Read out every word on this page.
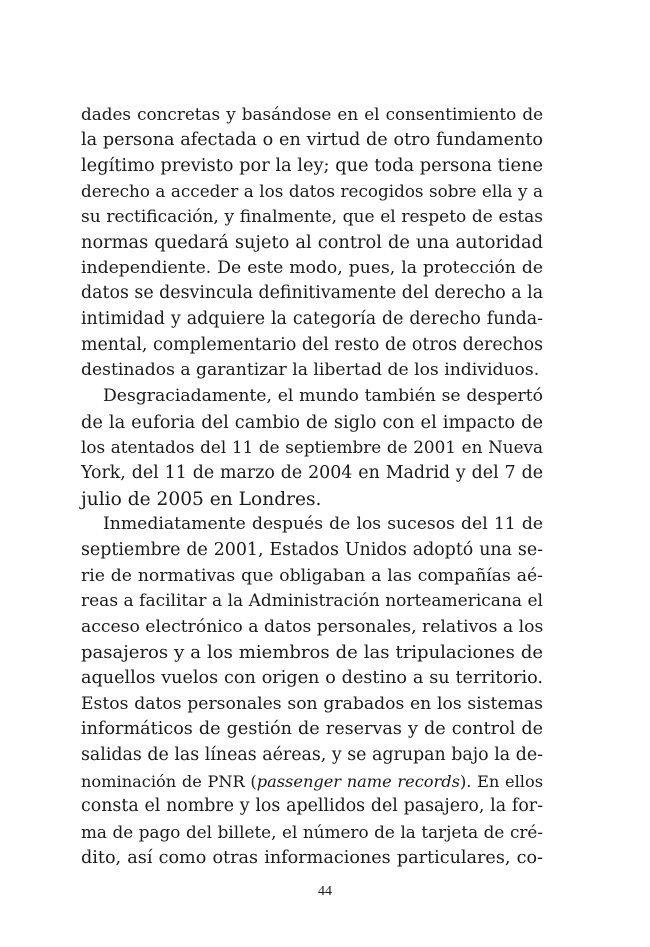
dades concretas y basándose en el consentimiento de
la persona afectada o en virtud de otro fundamento
legítimo previsto por la ley; que toda persona tiene
derecho a acceder a los datos recogidos sobre ella y a
su rectificación, y finalmente, que el respeto de estas
normas quedará sujeto al control de una autoridad
independiente. De este modo, pues, la protección de
datos se desvincula definitivamente del derecho a la
intimidad y adquiere la categoría de derecho funda-
mental, complementario del resto de otros derechos
destinados a garantizar la libertad de los individuos.
Desgraciadamente, el mundo también se despertó
de la euforia del cambio de siglo con el impacto de
los atentados del 11 de septiembre de 2001 en Nueva
York, del 11 de marzo de 2004 en Madrid y del 7 de
julio de 2005 en Londres.
Inmediatamente después de los sucesos del 11 de
septiembre de 2001, Estados Unidos adoptó una se-
rie de normativas que obligaban a las compañías aé-
reas a facilitar a la Administración norteamericana el
acceso electrónico a datos personales, relativos a los
pasajeros y a los miembros de las tripulaciones de
aquellos vuelos con origen o destino a su territorio.
Estos datos personales son grabados en los sistemas
informáticos de gestión de reservas y de control de
salidas de las líneas aéreas, y se agrupan bajo la de-
nominación de PNR (passenger name records). En ellos
consta el nombre y los apellidos del pasajero, la for-
ma de pago del billete, el número de la tarjeta de cré-
dito, así como otras informaciones particulares, co-
44
